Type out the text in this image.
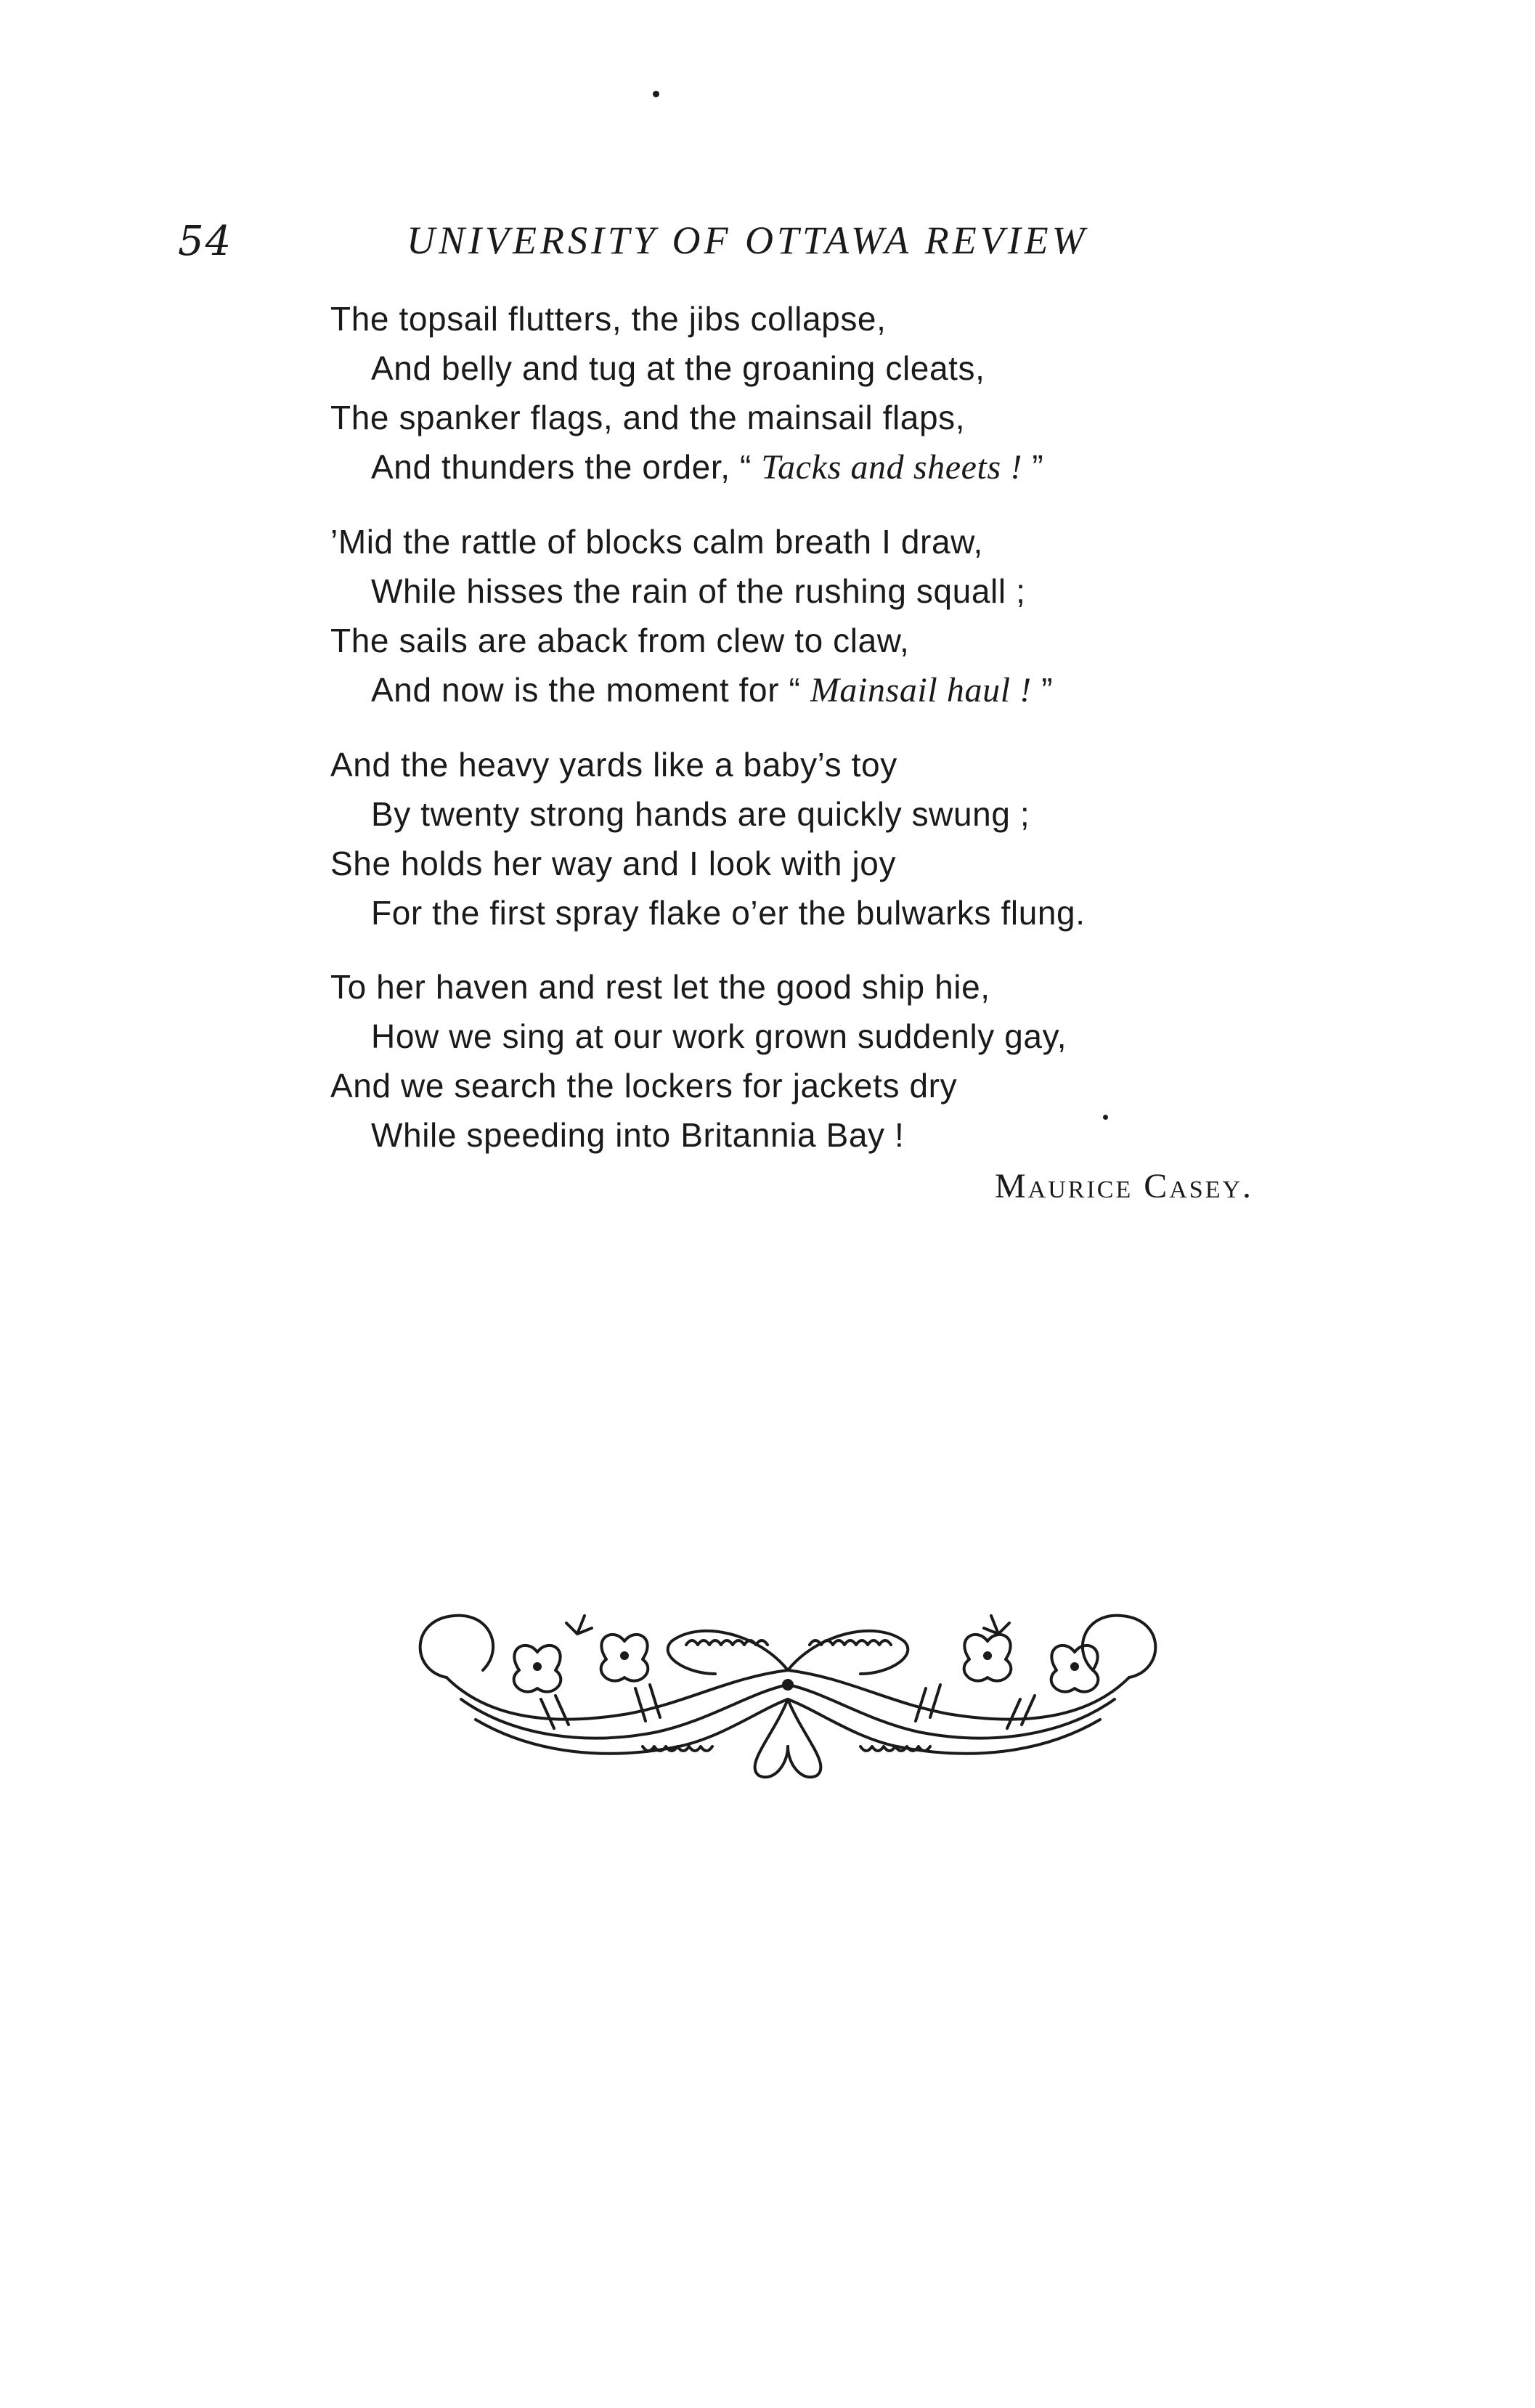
54	UNIVERSITY OF OTTAWA REVIEW
The topsail flutters, the jibs collapse,
And belly and tug at the groaning cleats,
The spanker flags, and the mainsail flaps,
And thunders the order, “ Tacks and sheets ! ”
’Mid the rattle of blocks calm breath I draw,
While hisses the rain of the rushing squall ;
The sails are aback from clew to claw,
And now is the moment for “ Mainsail haul ! ”
And the heavy yards like a baby’s toy
By twenty strong hands are quickly swung ;
She holds her way and I look with joy
For the first spray flake o’er the bulwarks flung.
To her haven and rest let the good ship hie,
How we sing at our work grown suddenly gay,
And we search the lockers for jackets dry
While speeding into Britannia Bay !
Maurice Casey.
